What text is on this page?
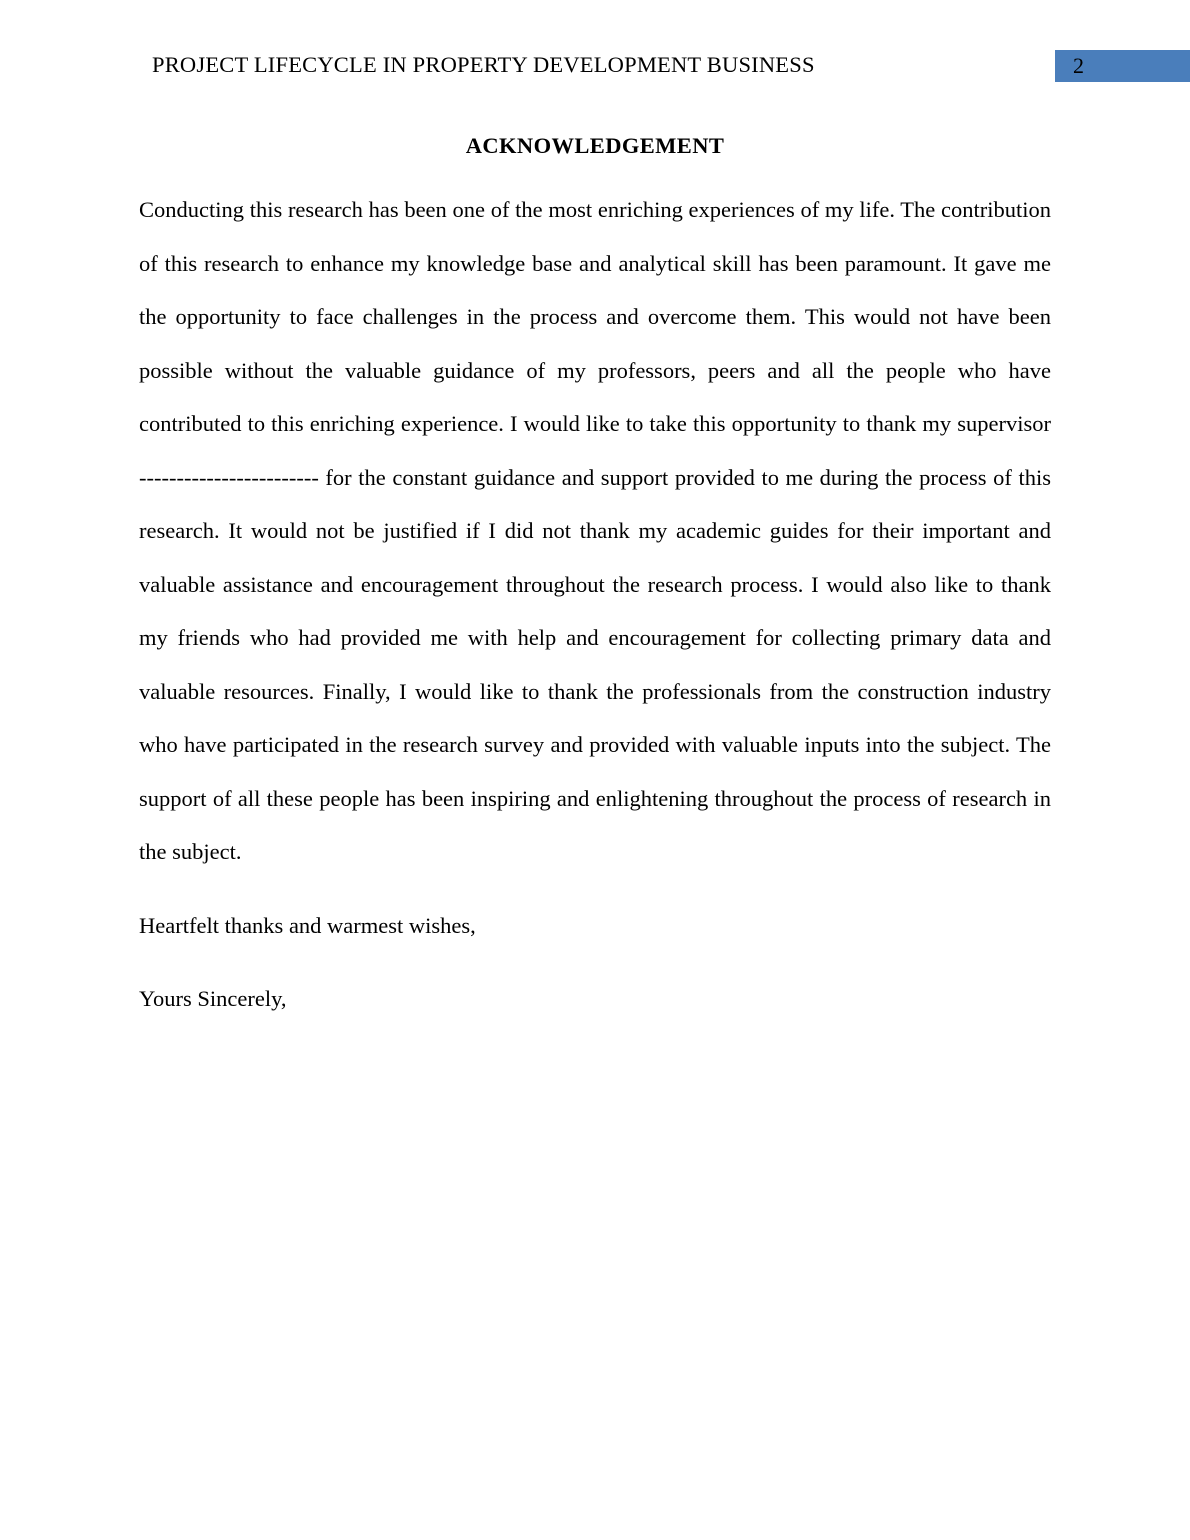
PROJECT LIFECYCLE IN PROPERTY DEVELOPMENT BUSINESS	2
ACKNOWLEDGEMENT

Conducting this research has been one of the most enriching experiences of my life. The contribution of this research to enhance my knowledge base and analytical skill has been paramount. It gave me the opportunity to face challenges in the process and overcome them. This would not have been possible without the valuable guidance of my professors, peers and all the people who have contributed to this enriching experience. I would like to take this opportunity to thank my supervisor ------------------------ for the constant guidance and support provided to me during the process of this research. It would not be justified if I did not thank my academic guides for their important and valuable assistance and encouragement throughout the research process. I would also like to thank my friends who had provided me with help and encouragement for collecting primary data and valuable resources. Finally, I would like to thank the professionals from the construction industry who have participated in the research survey and provided with valuable inputs into the subject. The support of all these people has been inspiring and enlightening throughout the process of research in the subject.

Heartfelt thanks and warmest wishes,

Yours Sincerely,
